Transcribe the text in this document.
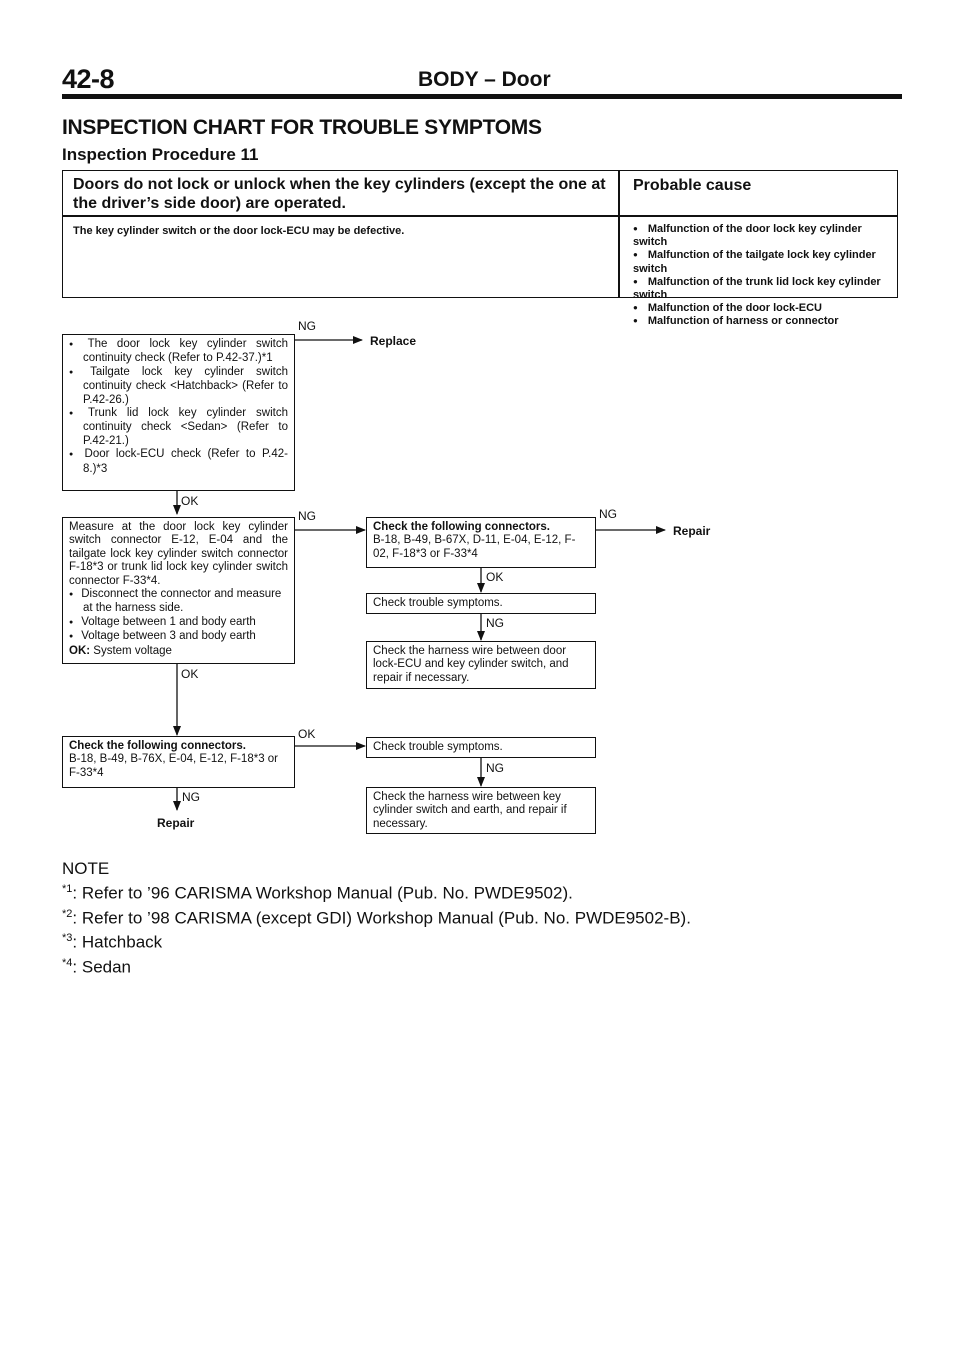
42-8	BODY – Door
INSPECTION CHART FOR TROUBLE SYMPTOMS
Inspection Procedure 11
Doors do not lock or unlock when the key cylinders (except the one at the driver’s side door) are operated.
Probable cause
The key cylinder switch or the door lock-ECU may be defective.
●	Malfunction of the door lock key cylinder switch
● Malfunction of the tailgate lock key cylinder switch
● Malfunction of the trunk lid lock key cylinder switch
● Malfunction of the door lock-ECU
● Malfunction of harness or connector
● The door lock key cylinder switch continuity check (Refer to P.42-37.)*1
● Tailgate lock key cylinder switch continuity check <Hatchback> (Refer to P.42-26.)
● Trunk lid lock key cylinder switch continuity check <Sedan> (Refer to P.42-21.)
● Door lock-ECU check (Refer to P.42-8.)*3
NG
Replace
OK
Measure at the door lock key cylinder switch connector E-12, E-04 and the tailgate lock key cylinder switch connector F-18*3 or trunk lid lock key cylinder switch connector F-33*4.
● Disconnect the connector and measure at the harness side.
● Voltage between 1 and body earth
● Voltage between 3 and body earth
OK: System voltage
NG
OK
Check the following connectors.
B-18, B-49, B-67X, D-11, E-04, E-12, F-02, F-18*3 or F-33*4
NG
Repair
OK
Check trouble symptoms.
NG
Check the harness wire between door lock-ECU and key cylinder switch, and repair if necessary.
Check the following connectors.
B-18, B-49, B-76X, E-04, E-12, F-18*3 or F-33*4
OK
NG
Repair
Check trouble symptoms.
NG
Check the harness wire between key cylinder switch and earth, and repair if necessary.
NOTE
$^{*1}$: Refer to ’96 CARISMA Workshop Manual (Pub. No. PWDE9502).
$^{*2}$: Refer to ’98 CARISMA (except GDI) Workshop Manual (Pub. No. PWDE9502-B).
$^{*3}$: Hatchback
$^{*4}$: Sedan
